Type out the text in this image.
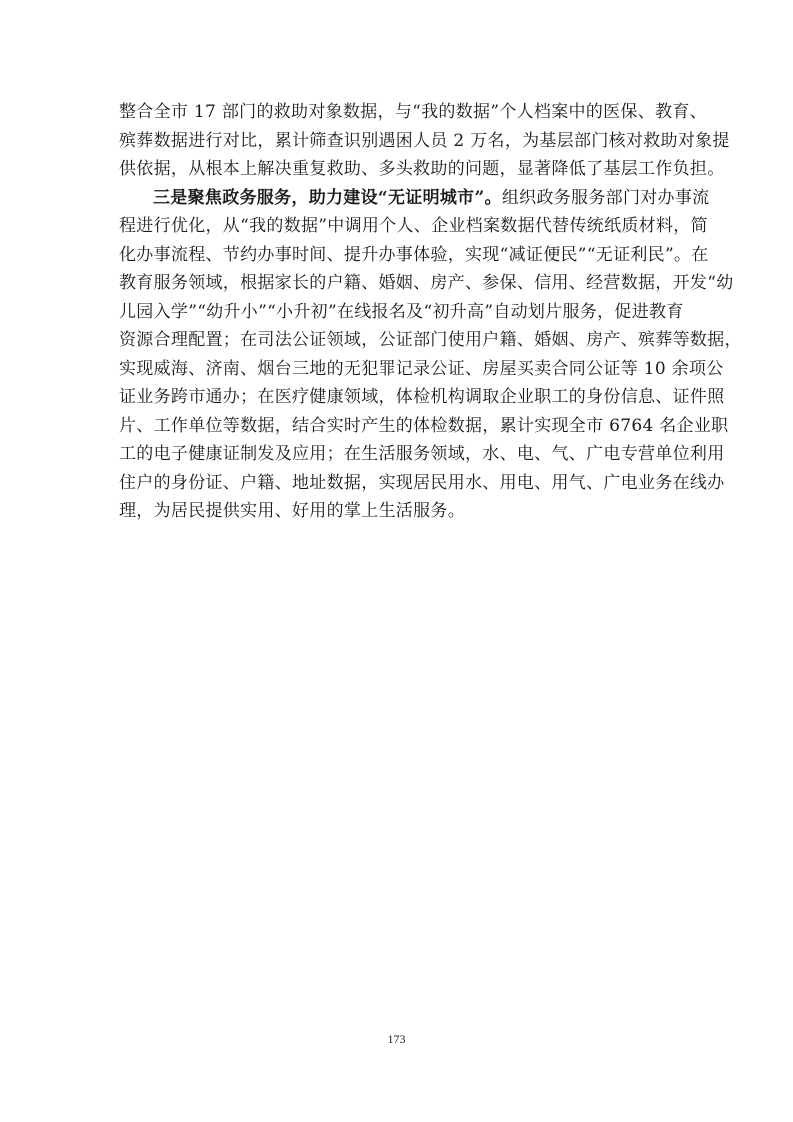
整合全市 17 部门的救助对象数据，与“我的数据”个人档案中的医保、教育、
殡葬数据进行对比，累计筛查识别遇困人员 2 万名，为基层部门核对救助对象提
供依据，从根本上解决重复救助、多头救助的问题，显著降低了基层工作负担。
三是聚焦政务服务，助力建设“无证明城市”。组织政务服务部门对办事流
程进行优化，从“我的数据”中调用个人、企业档案数据代替传统纸质材料，简
化办事流程、节约办事时间、提升办事体验，实现“减证便民”“无证利民”。在
教育服务领域，根据家长的户籍、婚姻、房产、参保、信用、经营数据，开发“幼
儿园入学”“幼升小”“小升初”在线报名及“初升高”自动划片服务，促进教育
资源合理配置；在司法公证领域，公证部门使用户籍、婚姻、房产、殡葬等数据，
实现威海、济南、烟台三地的无犯罪记录公证、房屋买卖合同公证等 10 余项公
证业务跨市通办；在医疗健康领域，体检机构调取企业职工的身份信息、证件照
片、工作单位等数据，结合实时产生的体检数据，累计实现全市 6764 名企业职
工的电子健康证制发及应用；在生活服务领域，水、电、气、广电专营单位利用
住户的身份证、户籍、地址数据，实现居民用水、用电、用气、广电业务在线办
理，为居民提供实用、好用的掌上生活服务。
173
